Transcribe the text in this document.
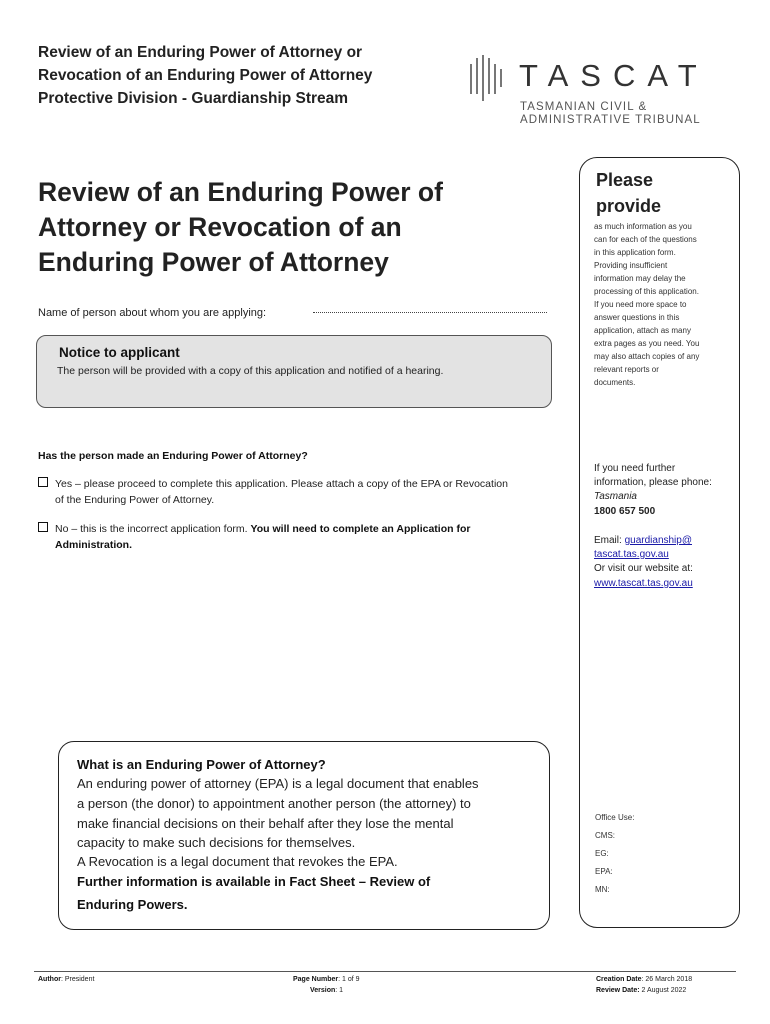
Review of an Enduring Power of Attorney or
Revocation of an Enduring Power of Attorney
Protective Division - Guardianship Stream
TASCAT
TASMANIAN CIVIL &
ADMINISTRATIVE TRIBUNAL
Review of an Enduring Power of
Attorney or Revocation of an
Enduring Power of Attorney
Name of person about whom you are applying:
Notice to applicant
The person will be provided with a copy of this application and notified of a hearing.
Has the person made an Enduring Power of Attorney?
Yes – please proceed to complete this application. Please attach a copy of the EPA or Revocation
of the Enduring Power of Attorney.
No – this is the incorrect application form. You will need to complete an Application for
Administration.
What is an Enduring Power of Attorney?
An enduring power of attorney (EPA) is a legal document that enables
a person (the donor) to appointment another person (the attorney) to
make financial decisions on their behalf after they lose the mental
capacity to make such decisions for themselves.
A Revocation is a legal document that revokes the EPA.
Further information is available in Fact Sheet – Review of
Enduring Powers.
Please
provide
as much information as you
can for each of the questions
in this application form.
Providing insufficient
information may delay the
processing of this application.
If you need more space to
answer questions in this
application, attach as many
extra pages as you need. You
may also attach copies of any
relevant reports or
documents.
If you need further
information, please phone:
Tasmania
1800 657 500
Email: guardianship@
tascat.tas.gov.au
Or visit our website at:
www.tascat.tas.gov.au
Office Use:
CMS:
EG:
EPA:
MN:
Author: President	Page Number: 1 of 9
Version: 1
Creation Date: 26 March 2018
Review Date: 2 August 2022
